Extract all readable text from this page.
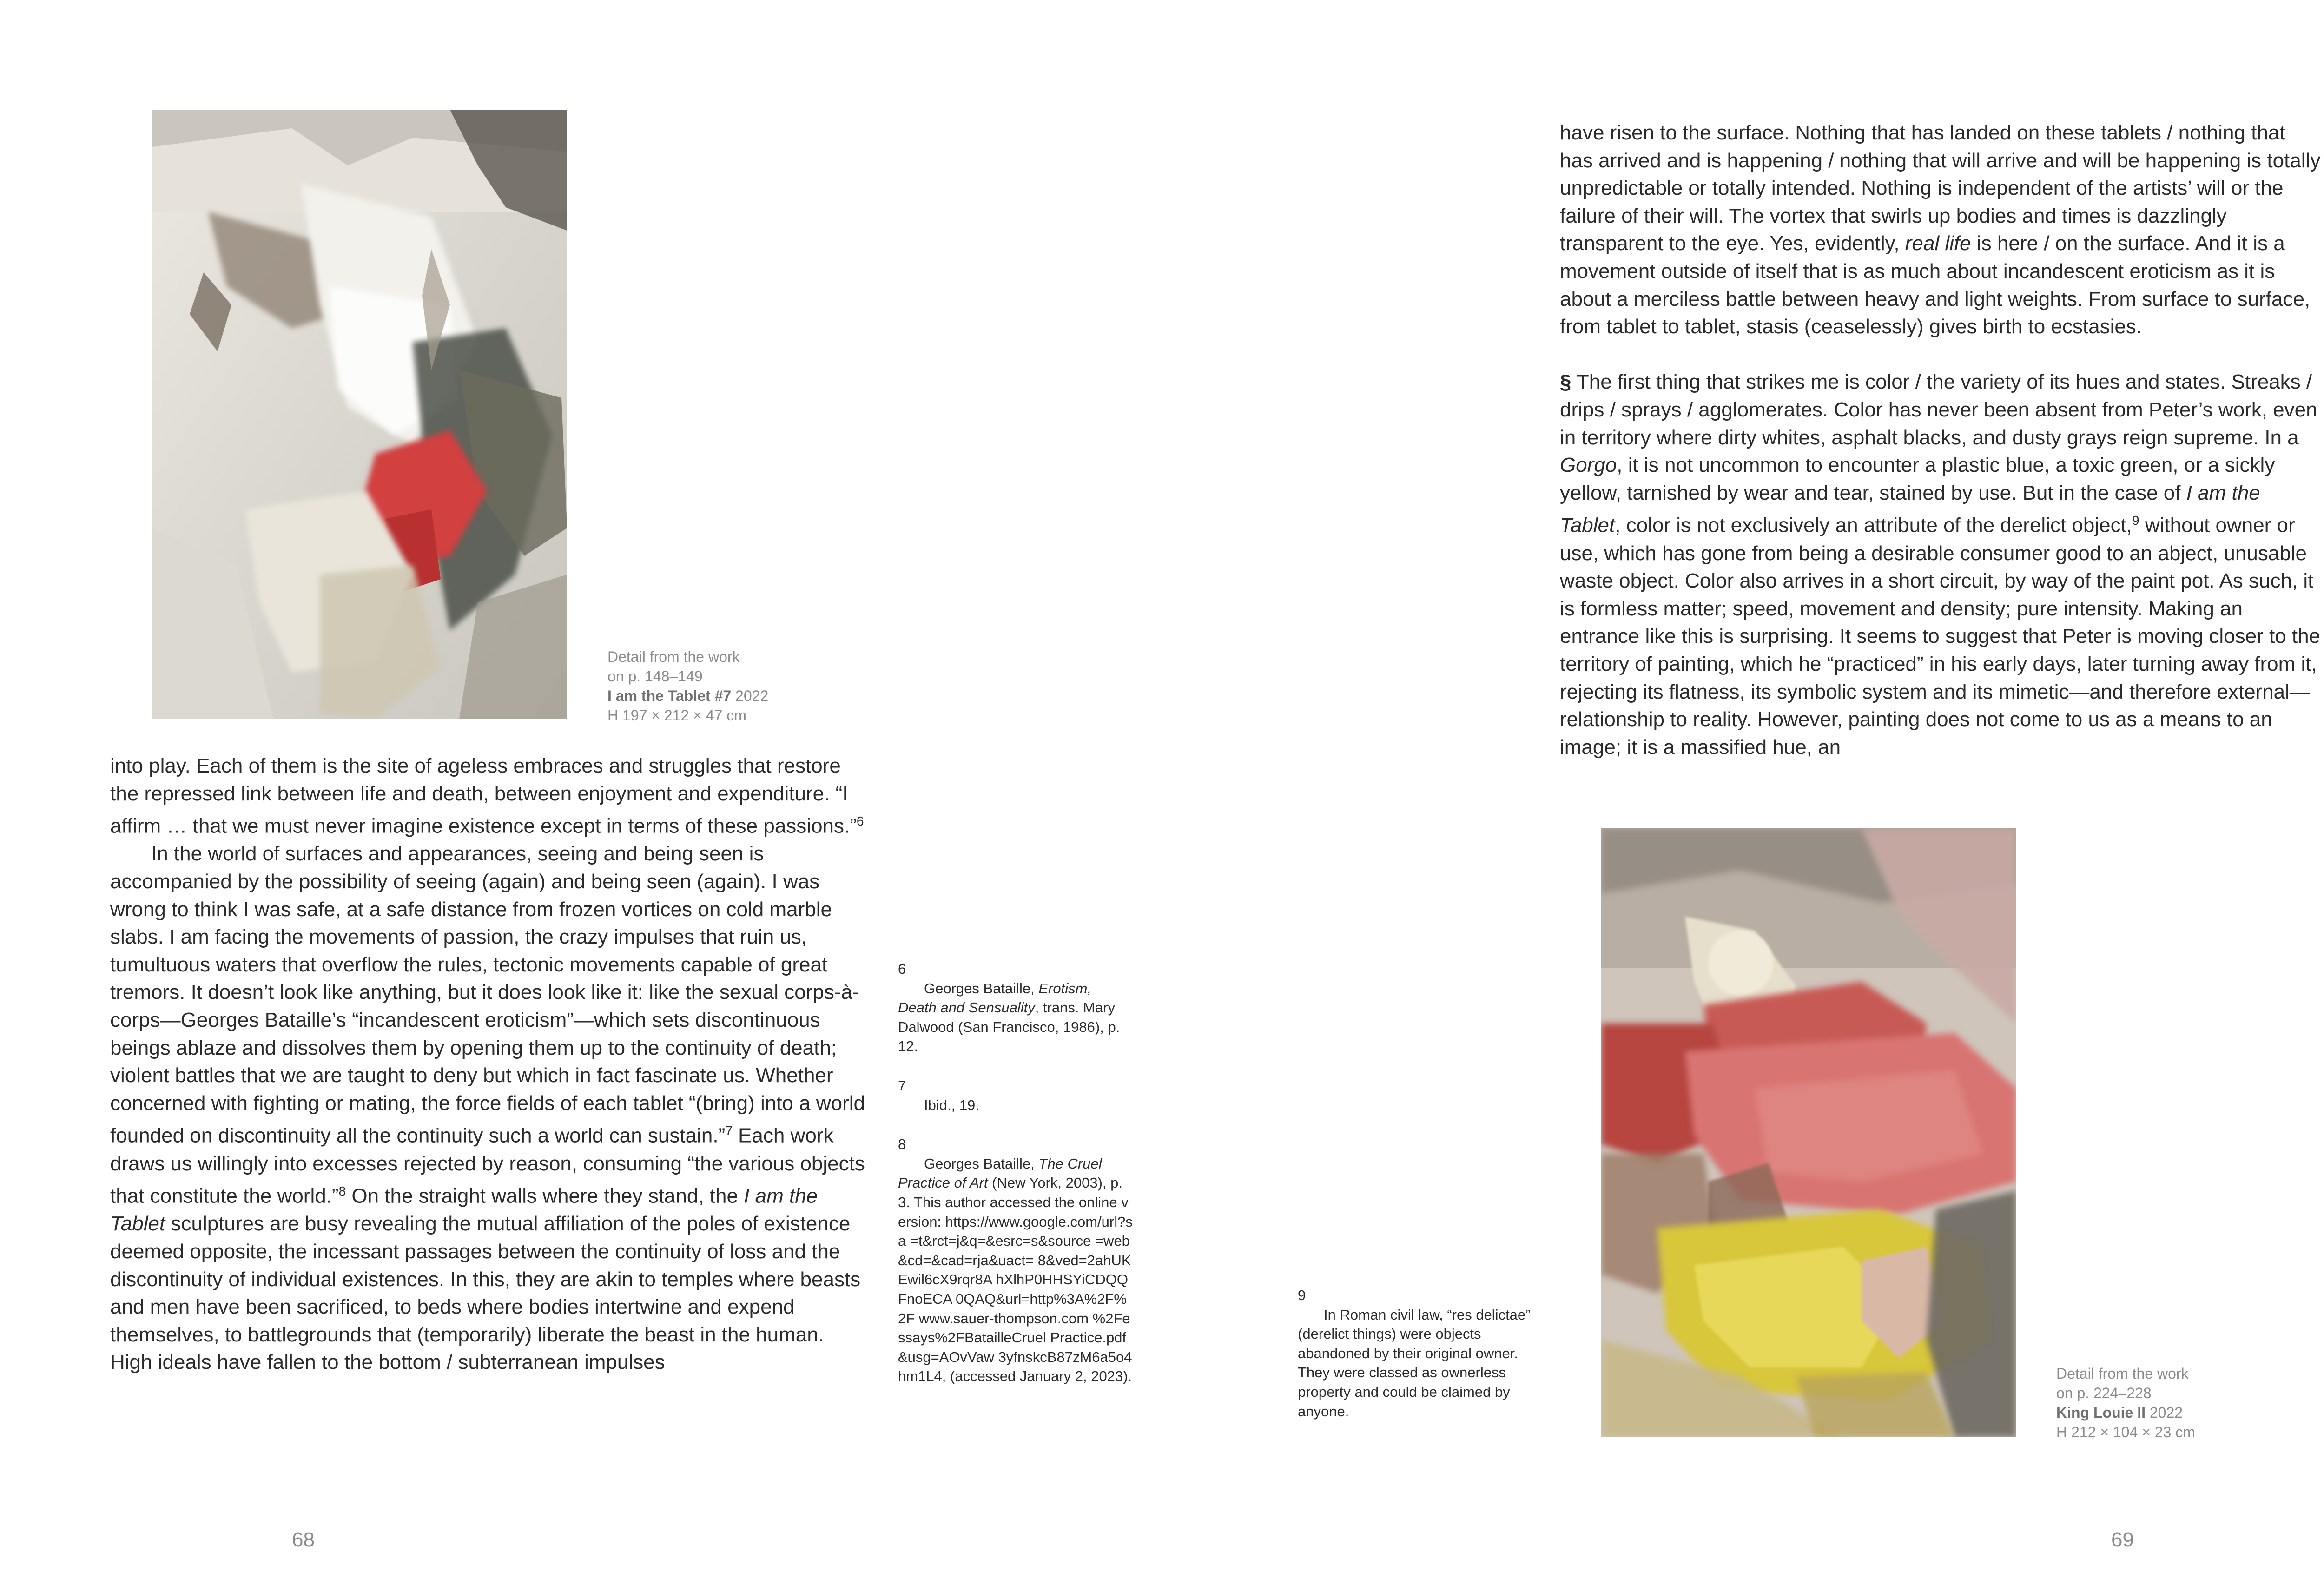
Detail from the work
on p. 148–149
I am the Tablet #7 2022
H 197 × 212 × 47 cm

into play. Each of them is the site of ageless embraces and struggles that restore the repressed link between life and death, between enjoyment and expenditure. “I affirm … that we must never imagine existence except in terms of these passions.”$^6$

In the world of surfaces and appearances, seeing and being seen is accompanied by the possibility of seeing (again) and being seen (again). I was wrong to think I was safe, at a safe distance from frozen vortices on cold marble slabs. I am facing the movements of passion, the crazy impulses that ruin us, tumultuous waters that overflow the rules, tectonic movements capable of great tremors. It doesn’t look like anything, but it does look like it: like the sexual corps-à-corps—Georges Bataille’s “incandescent eroticism”—which sets discontinuous beings ablaze and dissolves them by opening them up to the continuity of death; violent battles that we are taught to deny but which in fact fascinate us. Whether concerned with fighting or mating, the force fields of each tablet “(bring) into a world founded on discontinuity all the continuity such a world can sustain.”$^7$ Each work draws us willingly into excesses rejected by reason, consuming “the various objects that constitute the world.”$^8$ On the straight walls where they stand, the I am the Tablet sculptures are busy revealing the mutual affiliation of the poles of existence deemed opposite, the incessant passages between the continuity of loss and the discontinuity of individual existences. In this, they are akin to temples where beasts and men have been sacrificed, to beds where bodies intertwine and expend themselves, to battlegrounds that (temporarily) liberate the beast in the human. High ideals have fallen to the bottom / subterranean impulses

6
Georges Bataille, Erotism, Death and Sensuality, trans. Mary Dalwood (San Francisco, 1986), p. 12.
7
Ibid., 19.
8
Georges Bataille, The Cruel Practice of Art (New York, 2003), p. 3. This author accessed the online version: https://www.google.com/url?sa =t&rct=j&q=&esrc=s&source =web&cd=&cad=rja&uact= 8&ved=2ahUKEwil6cX9rqr8A hXlhP0HHSYiCDQQFnoECA 0QAQ&url=http%3A%2F%2F www.sauer-thompson.com %2Fessays%2FBatailleCruel Practice.pdf&usg=AOvVaw 3yfnskcB87zM6a5o4hm1L4, (accessed January 2, 2023).
68

have risen to the surface. Nothing that has landed on these tablets / nothing that has arrived and is happening / nothing that will arrive and will be happening is totally unpredictable or totally intended. Nothing is independent of the artists’ will or the failure of their will. The vortex that swirls up bodies and times is dazzlingly transparent to the eye. Yes, evidently, real life is here / on the surface. And it is a movement outside of itself that is as much about incandescent eroticism as it is about a merciless battle between heavy and light weights. From surface to surface, from tablet to tablet, stasis (ceaselessly) gives birth to ecstasies.

§ The first thing that strikes me is color / the variety of its hues and states. Streaks / drips / sprays / agglomerates. Color has never been absent from Peter’s work, even in territory where dirty whites, asphalt blacks, and dusty grays reign supreme. In a Gorgo, it is not uncommon to encounter a plastic blue, a toxic green, or a sickly yellow, tarnished by wear and tear, stained by use. But in the case of I am the Tablet, color is not exclusively an attribute of the derelict object,$^9$ without owner or use, which has gone from being a desirable consumer good to an abject, unusable waste object. Color also arrives in a short circuit, by way of the paint pot. As such, it is formless matter; speed, movement and density; pure intensity. Making an entrance like this is surprising. It seems to suggest that Peter is moving closer to the territory of painting, which he “practiced” in his early days, later turning away from it, rejecting its flatness, its symbolic system and its mimetic—and therefore external—relationship to reality. However, painting does not come to us as a means to an image; it is a massified hue, an

9
In Roman civil law, “res delictae” (derelict things) were objects abandoned by their original owner. They were classed as ownerless property and could be claimed by anyone.
Detail from the work
on p. 224–228
King Louie II 2022
H 212 × 104 × 23 cm
69
